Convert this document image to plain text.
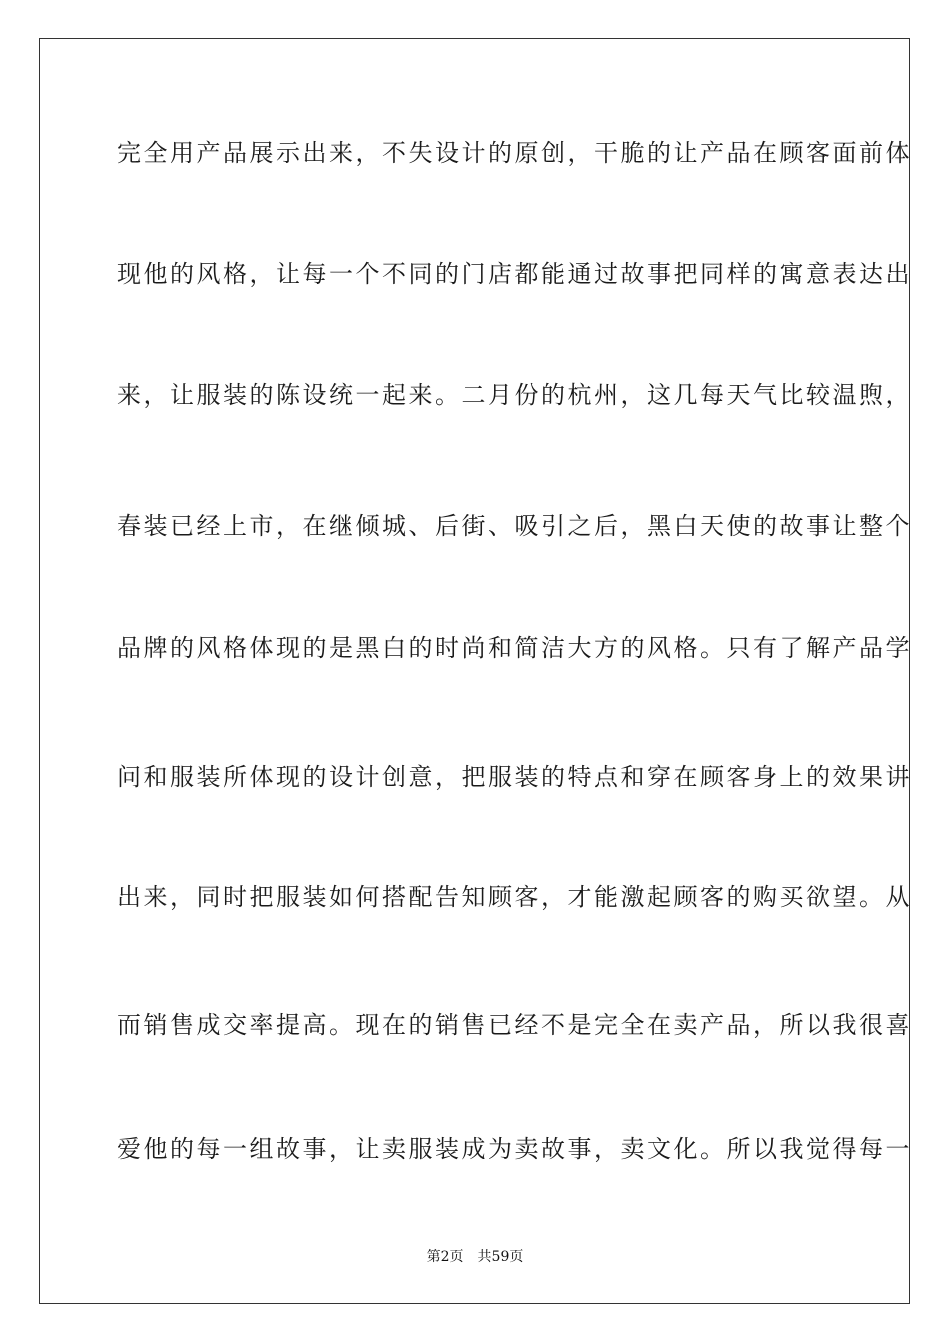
完全用产品展示出来，不失设计的原创，干脆的让产品在顾客面前体
现他的风格，让每一个不同的门店都能通过故事把同样的寓意表达出
来，让服装的陈设统一起来。二月份的杭州，这几每天气比较温煦，
春装已经上市，在继倾城、后街、吸引之后，黑白天使的故事让整个
品牌的风格体现的是黑白的时尚和简洁大方的风格。只有了解产品学
问和服装所体现的设计创意，把服装的特点和穿在顾客身上的效果讲
出来，同时把服装如何搭配告知顾客，才能激起顾客的购买欲望。从
而销售成交率提高。现在的销售已经不是完全在卖产品，所以我很喜
爱他的每一组故事，让卖服装成为卖故事，卖文化。所以我觉得每一
第2页 共59页
